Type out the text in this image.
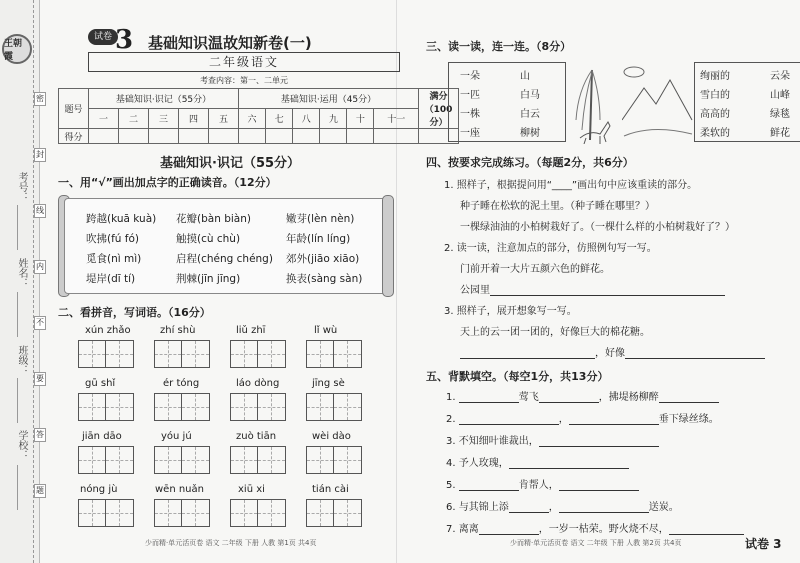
王朝霞
考号：
姓名：
班级：
学校：
密
封
线
内
不
要
答
题
试卷 3 基础知识温故知新卷(一)
二年级语文
考查内容：第一、二单元
题号	基础知识·识记（55分）					基础知识·运用（45分）						满分
（100分）
	一	二	三	四	五	六	七	八	九	十	十一	
得分												
基础知识·识记（55分）
一、用“√”画出加点字的正确读音。（12分）
跨越(kuā kuà) 花瓣(bàn biàn)	嫩芽(lèn nèn)
吹拂(fú fó)	触摸(cù chù)	年龄(lín líng)
觅食(nì mì)	启程(chéng chéng) 郊外(jiāo xiāo)
堤岸(dī tí)	荆棘(jīn jīng)	换表(sàng sàn)
二、看拼音，写词语。（16分）
xún zhǎo	zhí shù	liǔ zhī	lǐ wù
gū shǐ	ér tóng	láo dòng	jīng sè
jiān dāo	yóu jú	zuò tiān	wèi dào
nóng jù	wēn nuǎn	xiū xi	tián cài
少而精·单元活页卷 语文 二年级 下册 人教 第1页 共4页
三、读一读，连一连。（8分）
一朵
一匹
一株
一座
山
白马
白云
柳树
绚丽的
雪白的
高高的
柔软的
云朵
山峰
绿毯
鲜花
四、按要求完成练习。（每题2分，共6分）
1. 照样子，根据提问用“____”画出句中应该重读的部分。
种子睡在松软的泥土里。（种子睡在哪里？）
一棵绿油油的小柏树栽好了。（一棵什么样的小柏树栽好了？）
2. 读一读，注意加点的部分，仿照例句写一写。
门前开着一大片五颜六色的鲜花。
公园里
3. 照样子，展开想象写一写。
天上的云一团一团的，好像巨大的棉花糖。
，好像
五、背默填空。（每空1分，共13分）
1.	莺飞	，拂堤杨柳醉
2.	，	垂下绿丝绦。
3. 不知细叶谁裁出，
4. 予人玫瑰，
5.	肯帮人，
6. 与其锦上添	，	送炭。
7. 离离	，一岁一枯荣。野火烧不尽，
少而精·单元活页卷 语文 二年级 下册 人教 第2页 共4页	试卷 3
